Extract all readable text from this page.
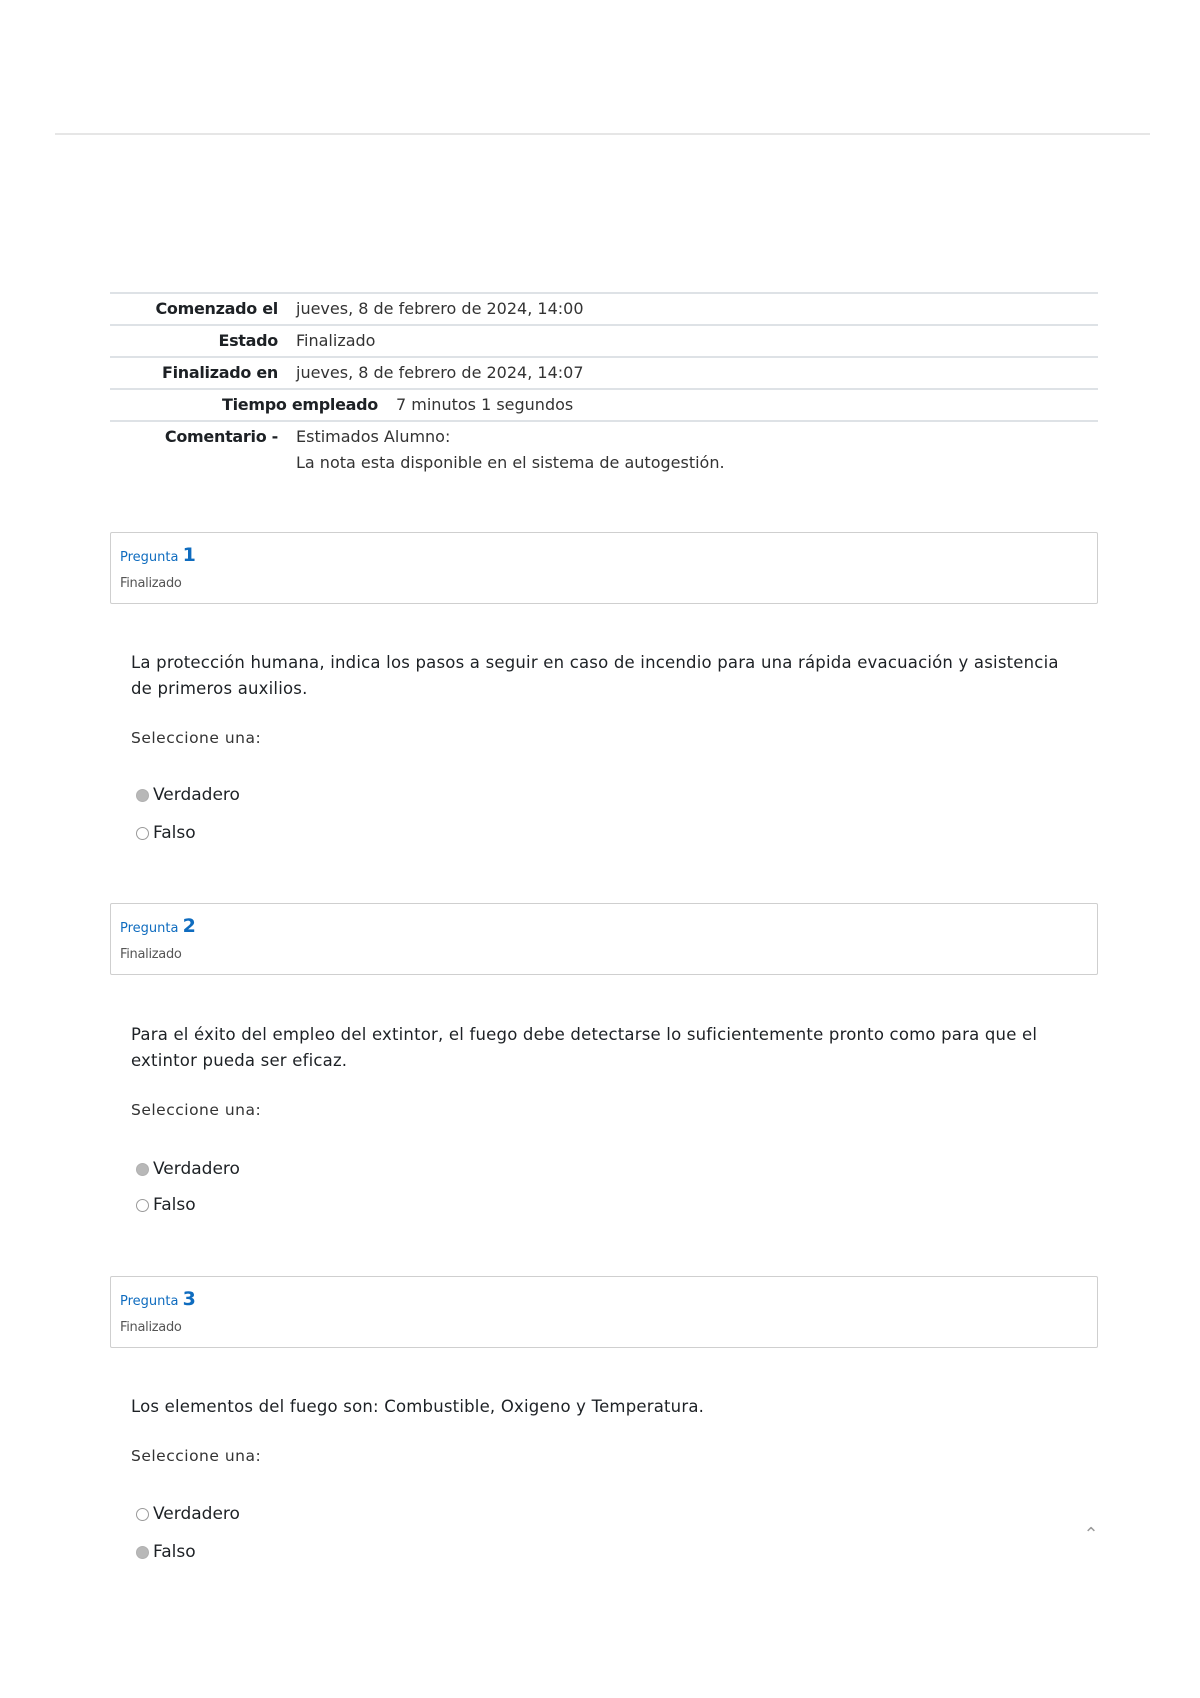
Comenzado el	jueves, 8 de febrero de 2024, 14:00
Estado	Finalizado
Finalizado en	jueves, 8 de febrero de 2024, 14:07
Tiempo empleado	7 minutos 1 segundos
Comentario - Estimados Alumno:
La nota esta disponible en el sistema de autogestión.
Pregunta 1
Finalizado
La protección humana, indica los pasos a seguir en caso de incendio para una rápida evacuación y asistencia de primeros auxilios.
Seleccione una:
Verdadero
Falso
Pregunta 2
Finalizado
Para el éxito del empleo del extintor, el fuego debe detectarse lo suficientemente pronto como para que el extintor pueda ser eficaz.
Seleccione una:
Verdadero
Falso
Pregunta 3
Finalizado
Los elementos del fuego son: Combustible, Oxigeno y Temperatura.
Seleccione una:
Verdadero
Falso
⌃
